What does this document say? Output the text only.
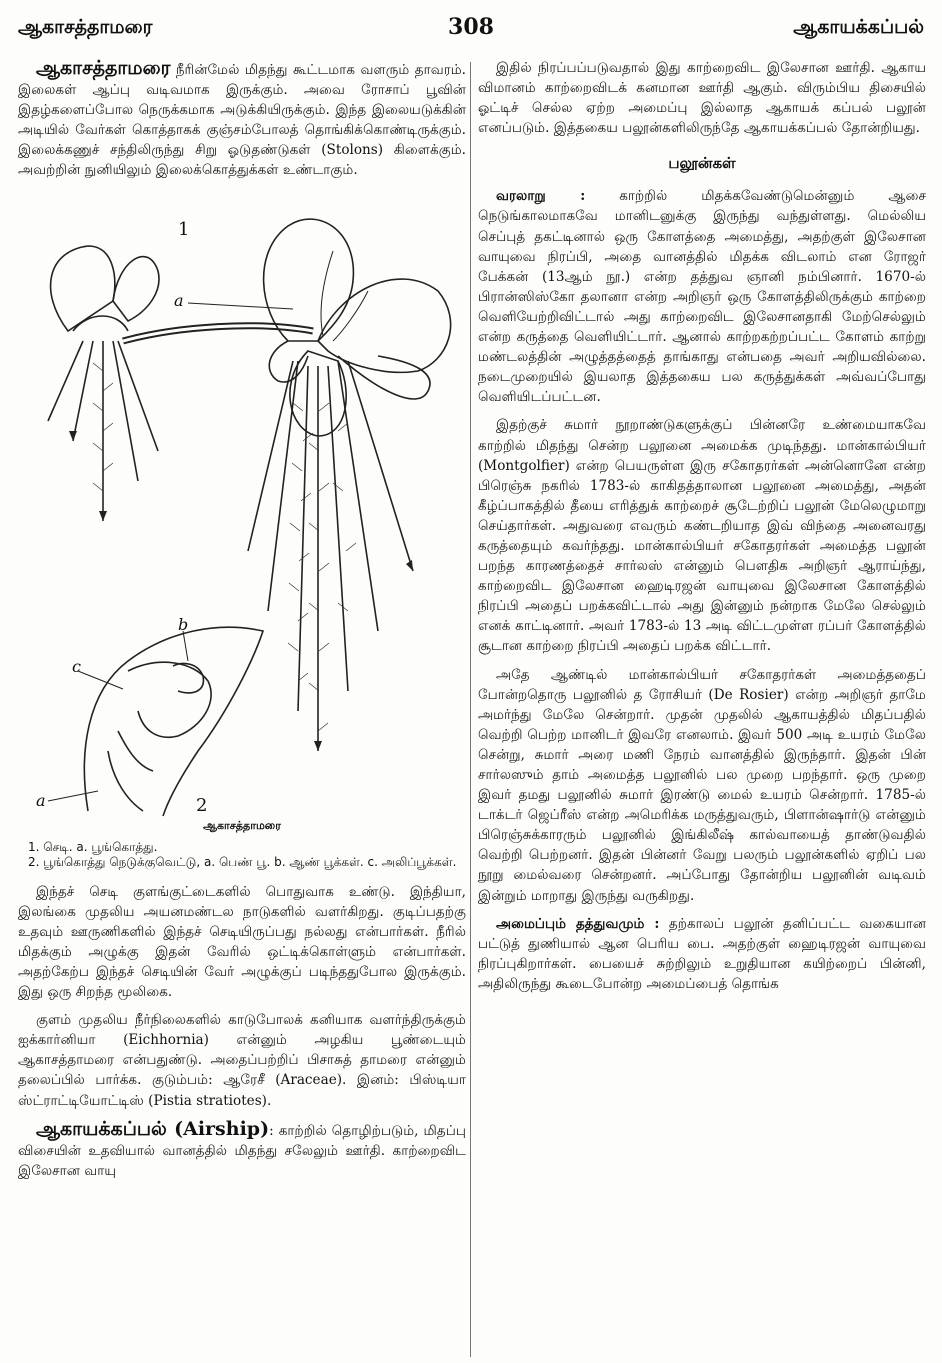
ஆகாசத்தாமரை	308	ஆகாயக்கப்பல்

ஆகாசத்தாமரை நீரின்மேல் மிதந்து கூட்டமாக வளரும் தாவரம். இலைகள் ஆப்பு வடிவமாக இருக்கும். அவை ரோசாப் பூவின் இதழ்களைப்போல நெருக்கமாக அடுக்கியிருக்கும். இந்த இலையடுக்கின் அடியில் வேர்கள் கொத்தாகக் குஞ்சம்போலத் தொங்கிக்கொண்டிருக்கும். இலைக்கணுச் சந்திலிருந்து சிறு ஓடுதண்டுகள் (Stolons) கிளைக்கும். அவற்றின் நுனியிலும் இலைக்கொத்துக்கள் உண்டாகும்.

1
a
b
c
a	2
ஆகாசத்தாமரை
1. செடி. a. பூங்கொத்து.
2. பூங்கொத்து நெடுக்குவெட்டு, a. பெண் பூ. b. ஆண் பூக்கள். c. அலிப்பூக்கள்.

இந்தச் செடி குளங்குட்டைகளில் பொதுவாக உண்டு. இந்தியா, இலங்கை முதலிய அயனமண்டல நாடுகளில் வளர்கிறது. குடிப்பதற்கு உதவும் ஊருணிகளில் இந்தச் செடியிருப்பது நல்லது என்பார்கள். நீரில் மிதக்கும் அழுக்கு இதன் வேரில் ஒட்டிக்கொள்ளும் என்பார்கள். அதற்கேற்ப இந்தச் செடியின் வேர் அழுக்குப் படிந்ததுபோல இருக்கும். இது ஒரு சிறந்த மூலிகை.

குளம் முதலிய நீர்நிலைகளில் காடுபோலக் கனியாக வளர்ந்திருக்கும் ஐக்கார்னியா (Eichhornia) என்னும் அழகிய பூண்டையும் ஆகாசத்தாமரை என்பதுண்டு. அதைப்பற்றிப் பிசாசுத் தாமரை என்னும் தலைப்பில் பார்க்க. குடும்பம்: ஆரேசீ (Araceae). இனம்: பிஸ்டியா ஸ்ட்ராட்டியோட்டிஸ் (Pistia stratiotes).

ஆகாயக்கப்பல் (Airship): காற்றில் தொழிற்படும், மிதப்பு விசையின் உதவியால் வானத்தில் மிதந்து சலேலும் ஊர்தி. காற்றைவிட இலேசான வாயு

இதில் நிரப்பப்படுவதால் இது காற்றைவிட இலேசான ஊர்தி. ஆகாய விமானம் காற்றைவிடக் கனமான ஊர்தி ஆகும். விரும்பிய திசையில் ஓட்டிச் செல்ல ஏற்ற அமைப்பு இல்லாத ஆகாயக் கப்பல் பலூன் எனப்படும். இத்தகைய பலூன்களிலிருந்தே ஆகாயக்கப்பல் தோன்றியது.

பலூன்கள்

வரலாறு : காற்றில் மிதக்கவேண்டுமென்னும் ஆசை நெடுங்காலமாகவே மானிடனுக்கு இருந்து வந்துள்ளது. மெல்லிய செப்புத் தகட்டினால் ஒரு கோளத்தை அமைத்து, அதற்குள் இலேசான வாயுவை நிரப்பி, அதை வானத்தில் மிதக்க விடலாம் என ரோஜர் பேக்கன் (13ஆம் நூ.) என்ற தத்துவ ஞானி நம்பினார். 1670-ல் பிரான்ஸிஸ்கோ தலானா என்ற அறிஞர் ஒரு கோளத்திலிருக்கும் காற்றை வெளியேற்றிவிட்டால் அது காற்றைவிட இலேசானதாகி மேற்செல்லும் என்ற கருத்தை வெளியிட்டார். ஆனால் காற்றகற்றப்பட்ட கோளம் காற்று மண்டலத்தின் அழுத்தத்தைத் தாங்காது என்பதை அவர் அறியவில்லை. நடைமுறையில் இயலாத இத்தகைய பல கருத்துக்கள் அவ்வப்போது வெளியிடப்பட்டன.

இதற்குச் சுமார் நூறாண்டுகளுக்குப் பின்னரே உண்மையாகவே காற்றில் மிதந்து சென்ற பலூனை அமைக்க முடிந்தது. மான்கால்பியர் (Montgolfier) என்ற பெயருள்ள இரு சகோதரர்கள் அன்னொனே என்ற பிரெஞ்சு நகரில் 1783-ல் காகிதத்தாலான பலூனை அமைத்து, அதன் கீழ்ப்பாகத்தில் தீயை எரித்துக் காற்றைச் சூடேற்றிப் பலூன் மேலெழுமாறு செய்தார்கள். அதுவரை எவரும் கண்டறியாத இவ் விந்தை அனைவரது கருத்தையும் கவர்ந்தது. மான்கால்பியர் சகோதரர்கள் அமைத்த பலூன் பறந்த காரணத்தைச் சார்லஸ் என்னும் பௌதிக அறிஞர் ஆராய்ந்து, காற்றைவிட இலேசான ஹைடிரஜன் வாயுவை இலேசான கோளத்தில் நிரப்பி அதைப் பறக்கவிட்டால் அது இன்னும் நன்றாக மேலே செல்லும் எனக் காட்டினார். அவர் 1783-ல் 13 அடி விட்டமுள்ள ரப்பர் கோளத்தில் சூடான காற்றை நிரப்பி அதைப் பறக்க விட்டார்.

அதே ஆண்டில் மான்கால்பியர் சகோதரர்கள் அமைத்ததைப் போன்றதொரு பலூனில் த ரோசியர் (De Rosier) என்ற அறிஞர் தாமே அமர்ந்து மேலே சென்றார். முதன் முதலில் ஆகாயத்தில் மிதப்பதில் வெற்றி பெற்ற மானிடர் இவரே எனலாம். இவர் 500 அடி உயரம் மேலே சென்று, சுமார் அரை மணி நேரம் வானத்தில் இருந்தார். இதன் பின் சார்லஸும் தாம் அமைத்த பலூனில் பல முறை பறந்தார். ஒரு முறை இவர் தமது பலூனில் சுமார் இரண்டு மைல் உயரம் சென்றார். 1785-ல் டாக்டர் ஜெப்ரீஸ் என்ற அமெரிக்க மருத்துவரும், பிளான்ஷார்டு என்னும் பிரெஞ்சுக்காரரும் பலூனில் இங்கிலீஷ் கால்வாயைத் தாண்டுவதில் வெற்றி பெற்றனர். இதன் பின்னர் வேறு பலரும் பலூன்களில் ஏறிப் பல நூறு மைல்வரை சென்றனர். அப்போது தோன்றிய பலூனின் வடிவம் இன்றும் மாறாது இருந்து வருகிறது.

அமைப்பும் தத்துவமும் : தற்காலப் பலூன் தனிப்பட்ட வகையான பட்டுத் துணியால் ஆன பெரிய பை. அதற்குள் ஹைடிரஜன் வாயுவை நிரப்புகிறார்கள். பையைச் சுற்றிலும் உறுதியான கயிற்றைப் பின்னி, அதிலிருந்து கூடைபோன்ற அமைப்பைத் தொங்க
